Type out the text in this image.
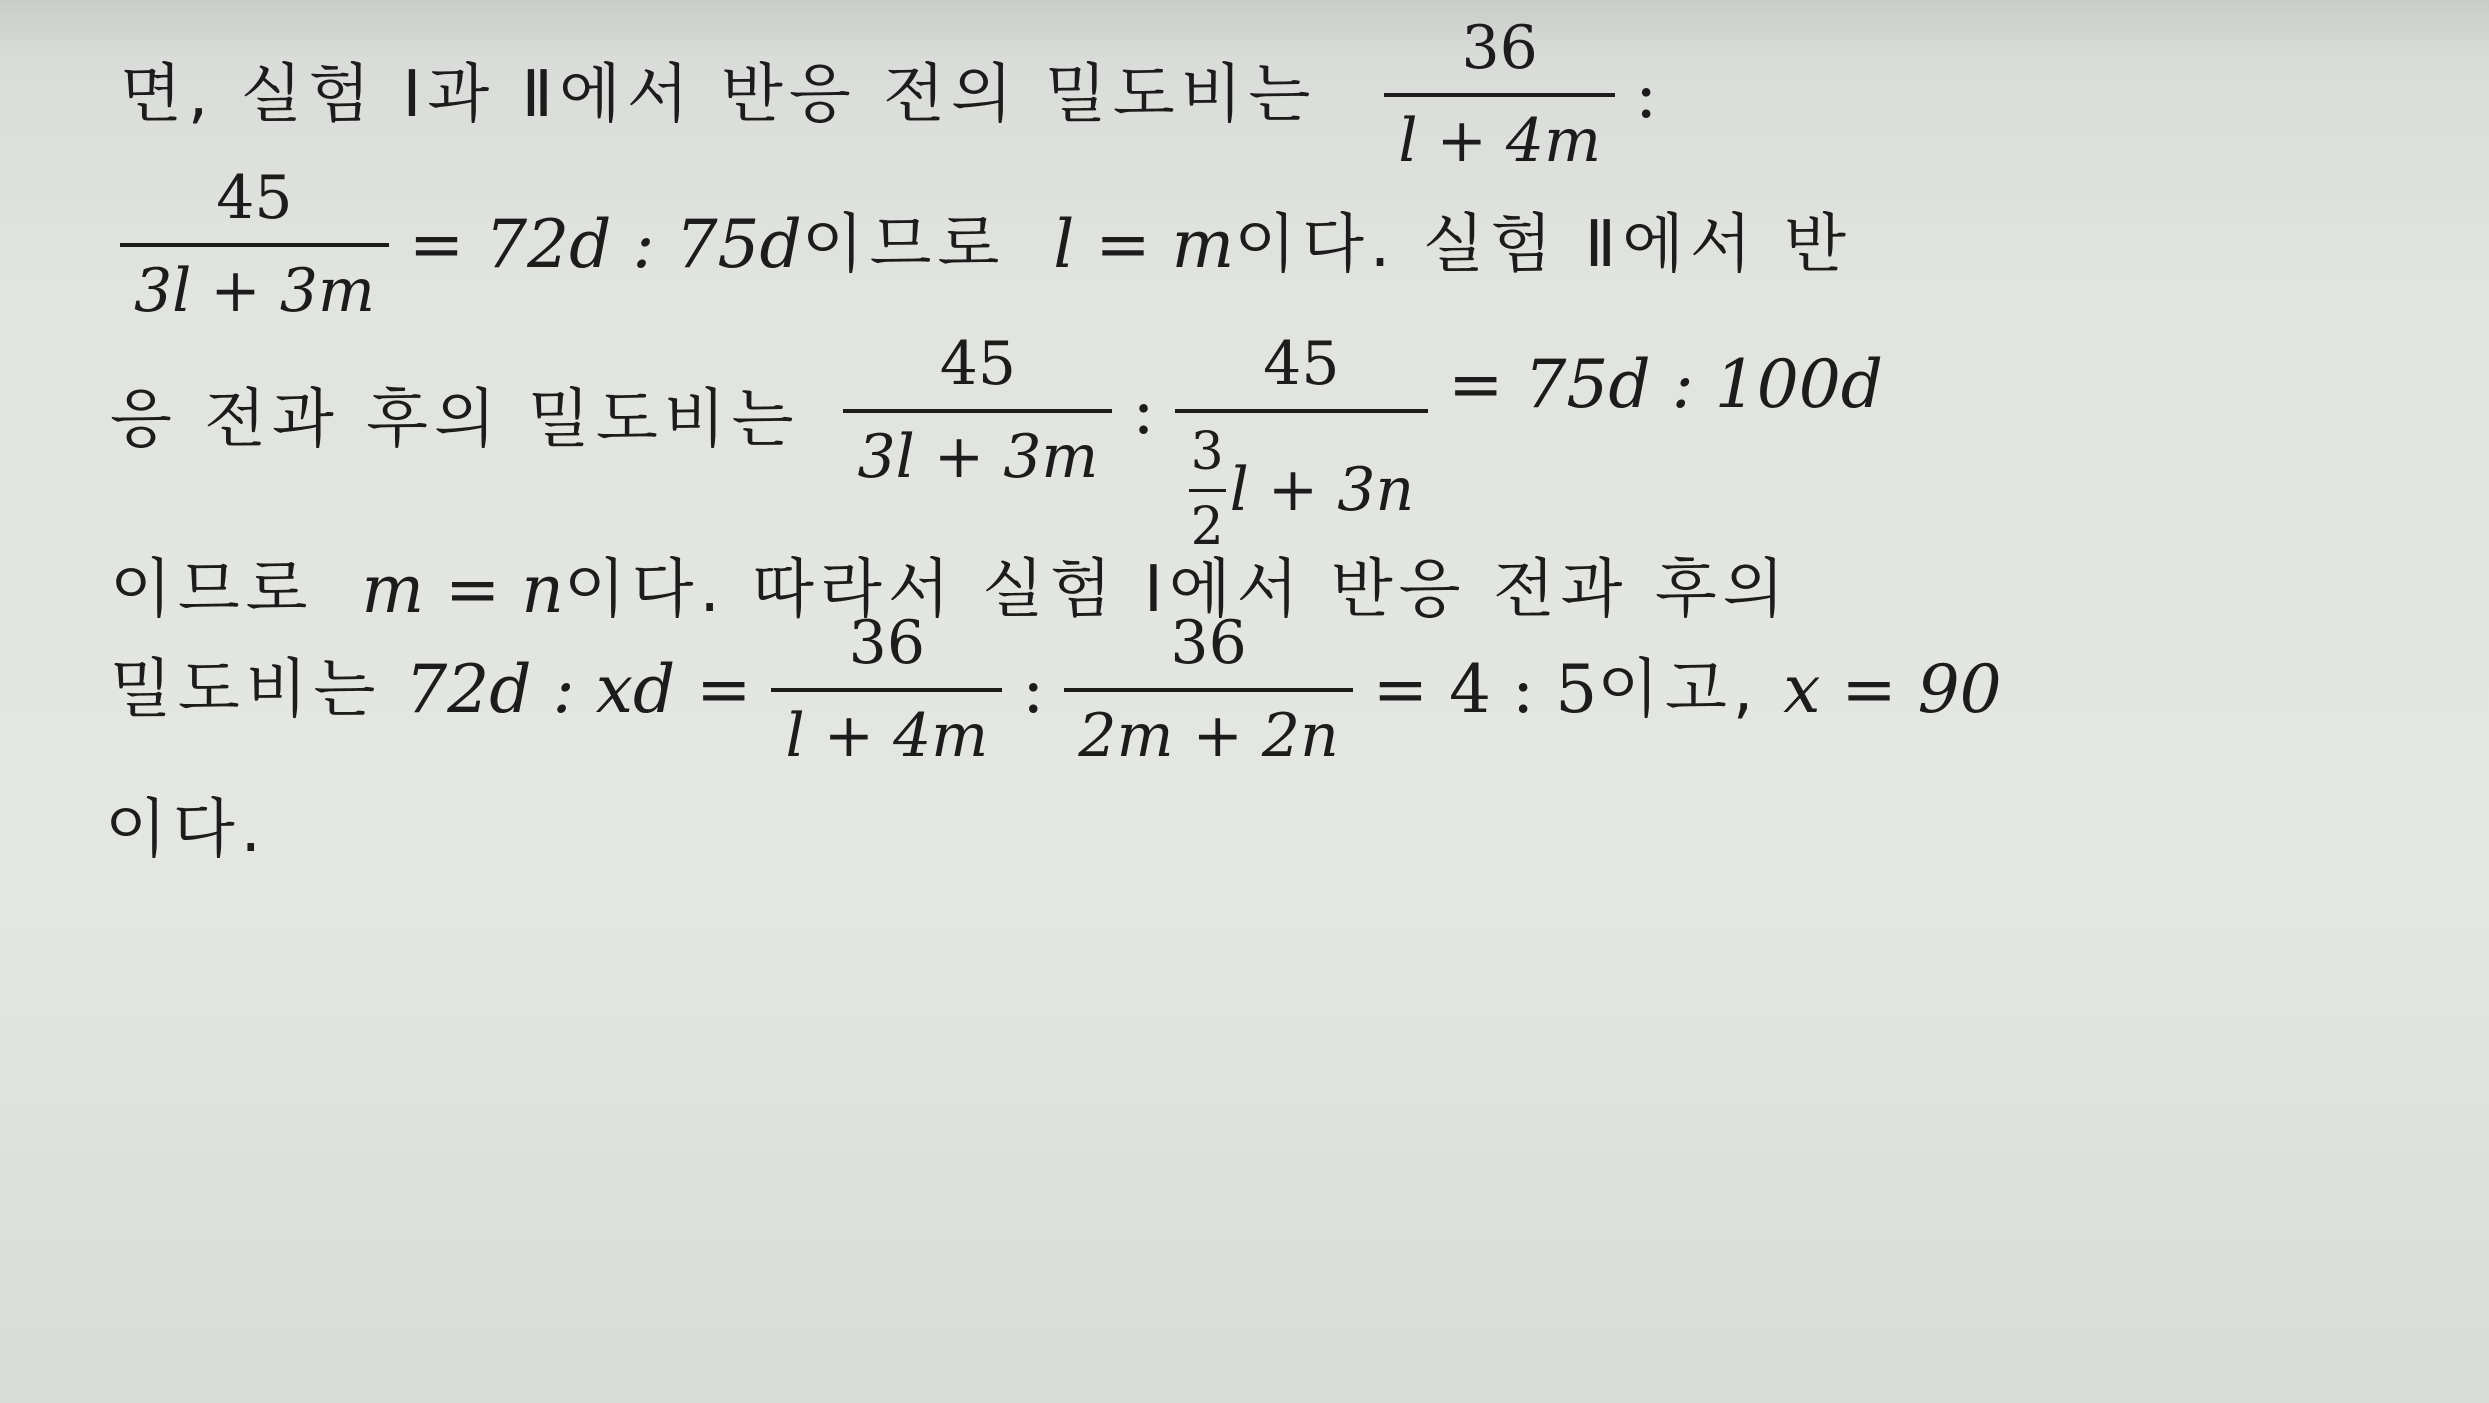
면, 실험 Ⅰ과 Ⅱ에서 반응 전의 밀도비는 $\frac{36}{l + 4m}$ :
$\frac{45}{3l + 3m} = 72d$ : 75d 이므로 l = m 이다. 실험 Ⅱ에서 반
응 전과 후의 밀도비는 $\frac{45}{3l + 3m}$ : $\frac{45}{\frac{3}{2} l + 3n} = 75d$ : 100d
이므로 m = n 이다. 따라서 실험 Ⅰ에서 반응 전과 후의
밀도비는 72d : xd = $\frac{36}{l + 4m}$ : $\frac{36}{2m + 2n} = 4$ : 5 이고, x = 90
이다.
